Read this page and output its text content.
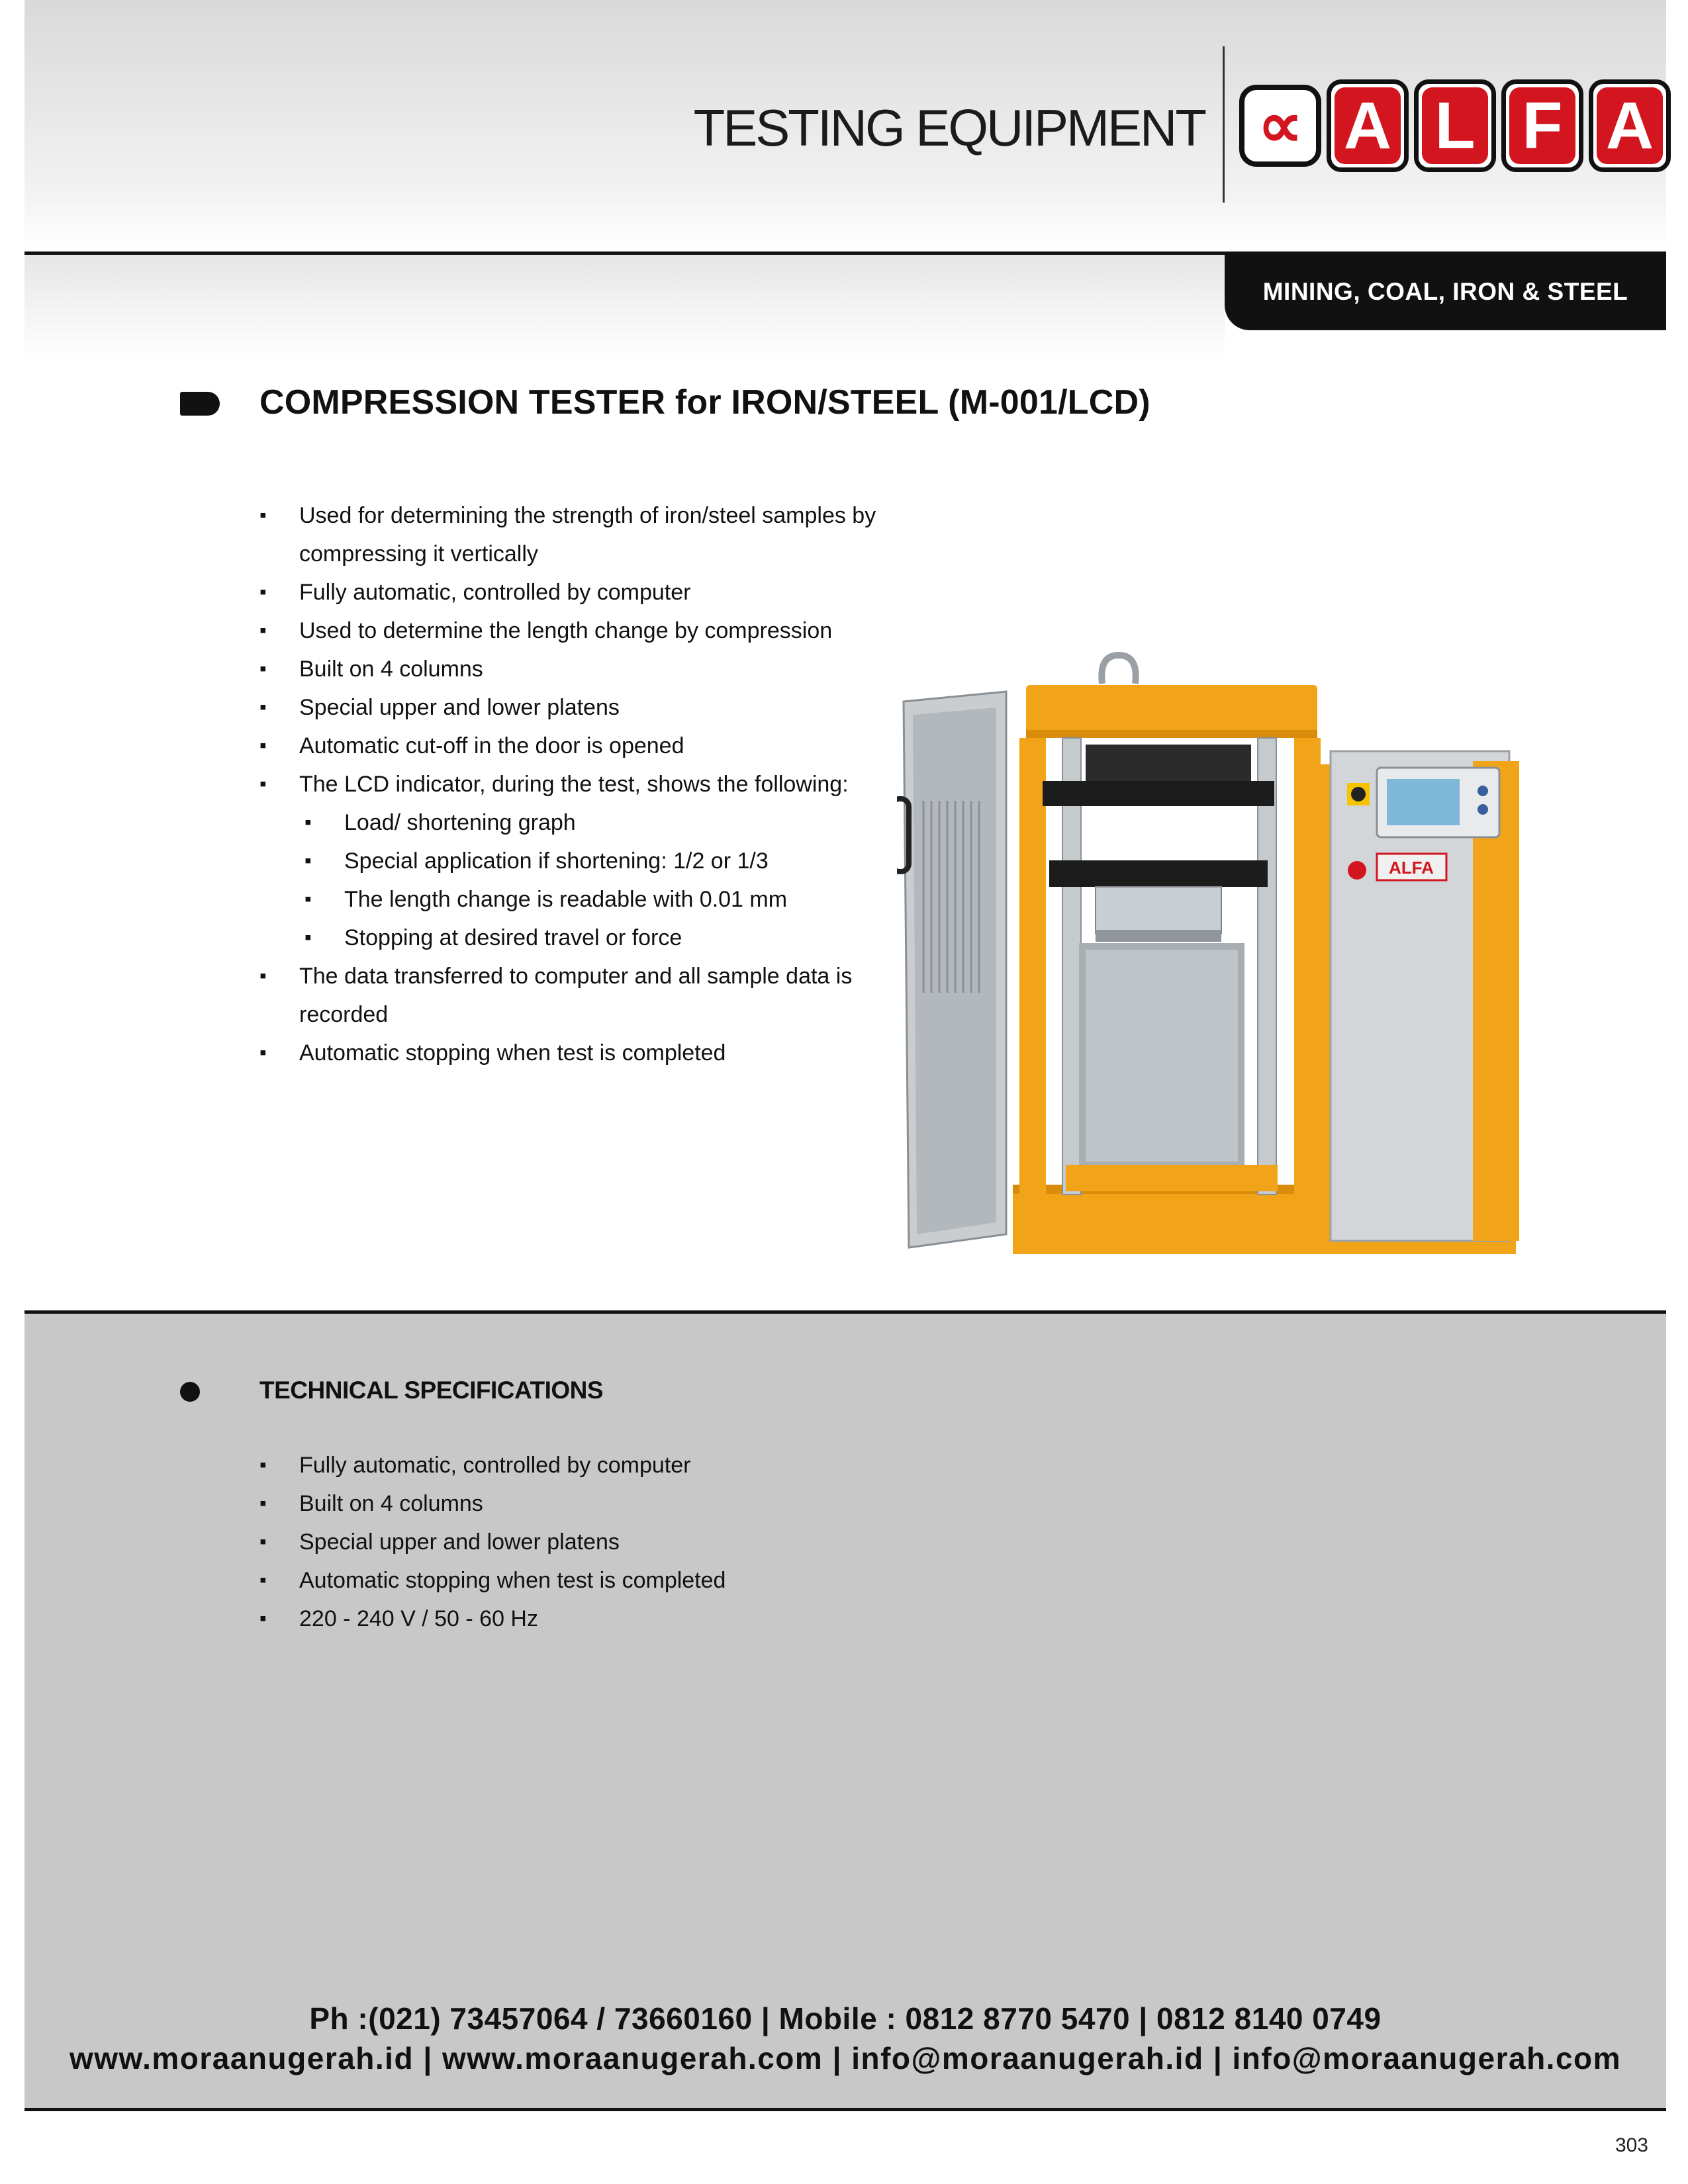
TESTING EQUIPMENT ∝ A L F A
MINING, COAL, IRON & STEEL
COMPRESSION TESTER for IRON/STEEL (M-001/LCD)
▪ Used for determining the strength of iron/steel samples by
compressing it vertically
▪ Fully automatic, controlled by computer
▪ Used to determine the length change by compression
▪ Built on 4 columns
▪ Special upper and lower platens
▪ Automatic cut-off in the door is opened
▪ The LCD indicator, during the test, shows the following:
▪ Load/ shortening graph
▪ Special application if shortening: 1/2 or 1/3
▪ The length change is readable with 0.01 mm
▪ Stopping at desired travel or force
▪ The data transferred to computer and all sample data is
recorded
▪ Automatic stopping when test is completed
ALFA
TECHNICAL SPECIFICATIONS
▪ Fully automatic, controlled by computer
▪ Built on 4 columns
▪ Special upper and lower platens
▪ Automatic stopping when test is completed
▪ 220 - 240 V / 50 - 60 Hz
Ph :(021) 73457064 / 73660160 | Mobile : 0812 8770 5470 | 0812 8140 0749
www.moraanugerah.id | www.moraanugerah.com | info@moraanugerah.id | info@moraanugerah.com
303
